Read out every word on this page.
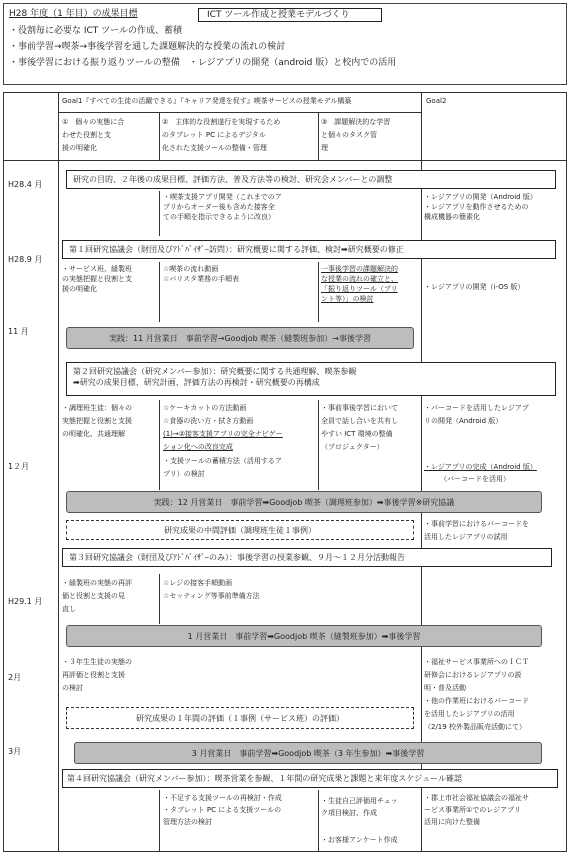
H28 年度（1 年目）の成果目標	ICT ツール作成と授業モデルづくり
・役割毎に必要な ICT ツールの作成、蓄積
・事前学習→喫茶→事後学習を通した課題解決的な授業の流れの検討
・事後学習における振り返りツールの整備　・レジアプリの開発（android 版）と校内での活用
Goal1『すべての生徒の活躍できる』『キャリア発達を促す』喫茶サービスの授業モデル構築	Goal2
①　個々の実態に合
わせた役割と支
援の明確化
②　主体的な役割遂行を実現するため
のタブレット PC によるデジタル
化された支援ツールの整備・管理
③　課題解決的な学習
と個々のタスク管
理
H28.4 月
H28.9 月
11 月
1２月
H29.1 月
2月
3月
研究の目的、２年後の成果目標、評価方法、普及方法等の検討、研究会メンバーとの調整
・喫茶支援アプリ開発（これまでのア
プリからオーダー後も含めた接客全
ての手順を指示できるように改良）
・レジアプリの開発（Android 版）
・レジアプリを動作させるための
構成機器の簡素化
第１回研究協議会（財団及びｱﾄﾞﾊﾞｲｻﾞｰ訪問）：研究概要に関する評価、検討➡研究概要の修正
・サービス班、縫製班
の実態把握と役割と支
援の明確化
☆喫茶の流れ動画
☆バリスタ業務の手順表
一事後学習の課題解決的
な授業の流れの確立と、
「振り返りツール（プリ
ント等）」の検討
・レジアプリの開発（i-OS 版）
実践：11 月営業日　事前学習→Goodjob 喫茶（縫製班参加）→事後学習
第２回研究協議会（研究メンバー参加）：研究概要に関する共通理解、喫茶参観
➡研究の成果目標、研究計画、評価方法の再検討・研究概要の再構成
・調理班生徒：個々の
実態把握と役割と支援
の明確化、共通理解
☆ケーキカットの方法動画
☆食器の洗い方・拭き方動画
(1)→②接客支援アプリの完全ナビゲー
ション化への改良完成
・支援ツールの蓄積方法（活用するア
プリ）の検討
・事前事後学習において
全員で話し合いを共有し
やすい ICT 環境の整備
（プロジェクター）
・バーコードを活用したレジアプ
リの開発（Android 版）
・レジアプリの完成（Android 版）
（バーコードを活用）
実践：12 月営業日　事前学習➡Goodjob 喫茶（調理班参加）➡事後学習※研究協議
研究成果の中間評価（調理班生徒１事例）
・事前学習におけるバーコードを
活用したレジアプリの試用
第３回研究協議会（財団及びｱﾄﾞﾊﾞｲｻﾞｰのみ）：事後学習の授業参観、９月～１２月分活動報告
・縫製班の実態の再評
価と役割と支援の見
直し
☆レジの接客手順動画
☆セッティング等事前準備方法
1 月営業日　事前学習➡Goodjob 喫茶（縫製班参加）➡事後学習
・３年生生徒の実態の
再評価と役割と支援
の検討
・福祉サービス事業所へのＩＣＴ
研修会におけるレジアプリの説
明・普及活動
・他の作業班におけるバーコード
を活用したレジアプリの活用
（2/19 校外製品販売活動にて）
研究成果の１年間の評価（１事例（サービス班）の評価）
3 月営業日　事前学習➡Goodjob 喫茶（3 年生参加）➡事後学習
第４回研究協議会（研究メンバー参加）：喫茶営業を参観、１年間の研究成果と課題と来年度スケジュール確認
・不足する支援ツールの再検討・作成
・タブレット PC による支援ツールの
管理方法の検討
・生徒自己評価用チェッ
ク項目検討、作成
・お客様アンケート作成
・郡上市社会福祉協議会の福祉サ
ービス事業所①でのレジアプリ
活用に向けた整備
